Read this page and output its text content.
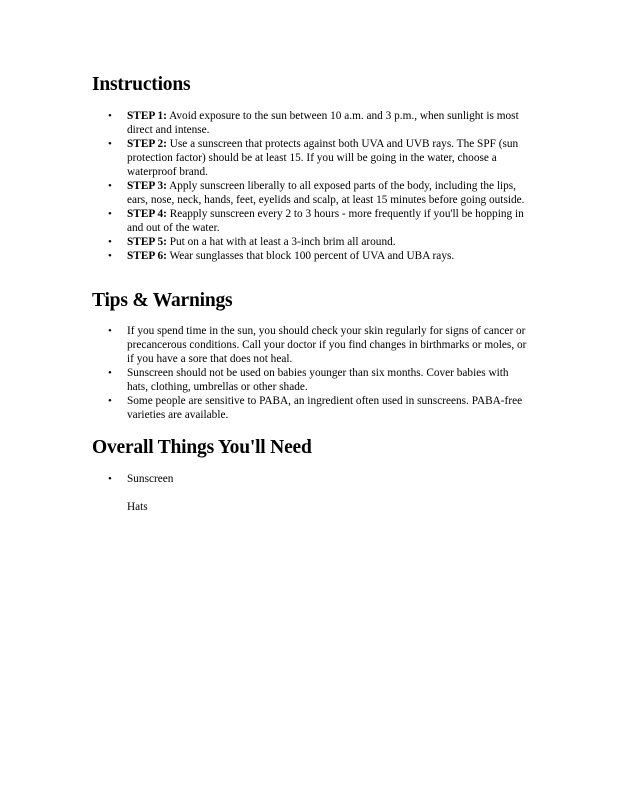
Instructions
• STEP 1: Avoid exposure to the sun between 10 a.m. and 3 p.m., when sunlight is most direct and intense.
• STEP 2: Use a sunscreen that protects against both UVA and UVB rays. The SPF (sun protection factor) should be at least 15. If you will be going in the water, choose a waterproof brand.
• STEP 3: Apply sunscreen liberally to all exposed parts of the body, including the lips, ears, nose, neck, hands, feet, eyelids and scalp, at least 15 minutes before going outside.
• STEP 4: Reapply sunscreen every 2 to 3 hours - more frequently if you'll be hopping in and out of the water.
• STEP 5: Put on a hat with at least a 3-inch brim all around.
• STEP 6: Wear sunglasses that block 100 percent of UVA and UBA rays.
Tips & Warnings
• If you spend time in the sun, you should check your skin regularly for signs of cancer or precancerous conditions. Call your doctor if you find changes in birthmarks or moles, or if you have a sore that does not heal.
• Sunscreen should not be used on babies younger than six months. Cover babies with hats, clothing, umbrellas or other shade.
• Some people are sensitive to PABA, an ingredient often used in sunscreens. PABA-free varieties are available.
Overall Things You'll Need
• Sunscreen
Hats
